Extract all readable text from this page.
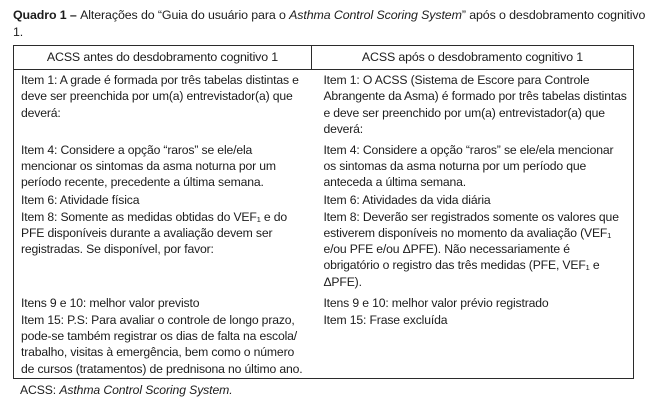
Quadro 1 – Alterações do “Guia do usuário para o Asthma Control Scoring System” após o desdobramento cognitivo 1.

ACSS antes do desdobramento cognitivo 1	ACSS após o desdobramento cognitivo 1
Item 1: A grade é formada por três tabelas distintas e deve ser preenchida por um(a) entrevistador(a) que deverá:	Item 1: O ACSS (Sistema de Escore para Controle Abrangente da Asma) é formado por três tabelas distintas e deve ser preenchido por um(a) entrevistador(a) que deverá:
Item 4: Considere a opção “raros” se ele/ela mencionar os sintomas da asma noturna por um período recente, precedente a última semana.	Item 4: Considere a opção “raros” se ele/ela mencionar os sintomas da asma noturna por um período que anteceda a última semana.
Item 6: Atividade física	Item 6: Atividades da vida diária
Item 8: Somente as medidas obtidas do VEF₁ e do PFE disponíveis durante a avaliação devem ser registradas. Se disponível, por favor:	Item 8: Deverão ser registrados somente os valores que estiverem disponíveis no momento da avaliação (VEF₁ e/ou PFE e/ou ΔPFE). Não necessariamente é obrigatório o registro das três medidas (PFE, VEF₁ e ΔPFE).
Itens 9 e 10: melhor valor previsto	Itens 9 e 10: melhor valor prévio registrado
Item 15: P.S: Para avaliar o controle de longo prazo, pode-se também registrar os dias de falta na escola/ trabalho, visitas à emergência, bem como o número de cursos (tratamentos) de prednisona no último ano.	Item 15: Frase excluída

ACSS: Asthma Control Scoring System.
